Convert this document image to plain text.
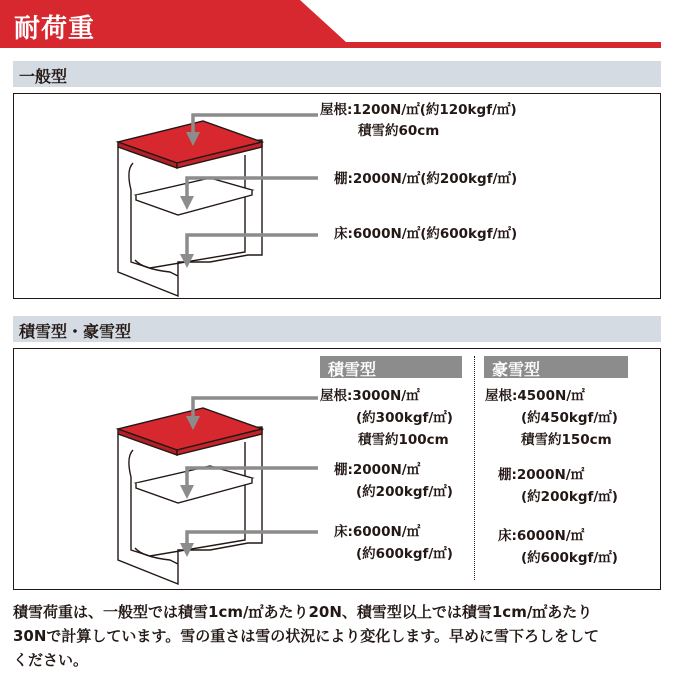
耐荷重
一般型
屋根:1200N/㎡(約120kgf/㎡)
積雪約60cm
棚:2000N/㎡(約200kgf/㎡)
床:6000N/㎡(約600kgf/㎡)
積雪型・豪雪型
積雪型	豪雪型
屋根:3000N/㎡
(約300kgf/㎡)
積雪約100cm
棚:2000N/㎡
(約200kgf/㎡)
床:6000N/㎡
(約600kgf/㎡)
屋根:4500N/㎡
(約450kgf/㎡)
積雪約150cm
棚:2000N/㎡
(約200kgf/㎡)
床:6000N/㎡
(約600kgf/㎡)
積雪荷重は、一般型では積雪1cm/㎡あたり20N、積雪型以上では積雪1cm/㎡あたり
30Nで計算しています。雪の重さは雪の状況により変化します。早めに雪下ろしをして
ください。
